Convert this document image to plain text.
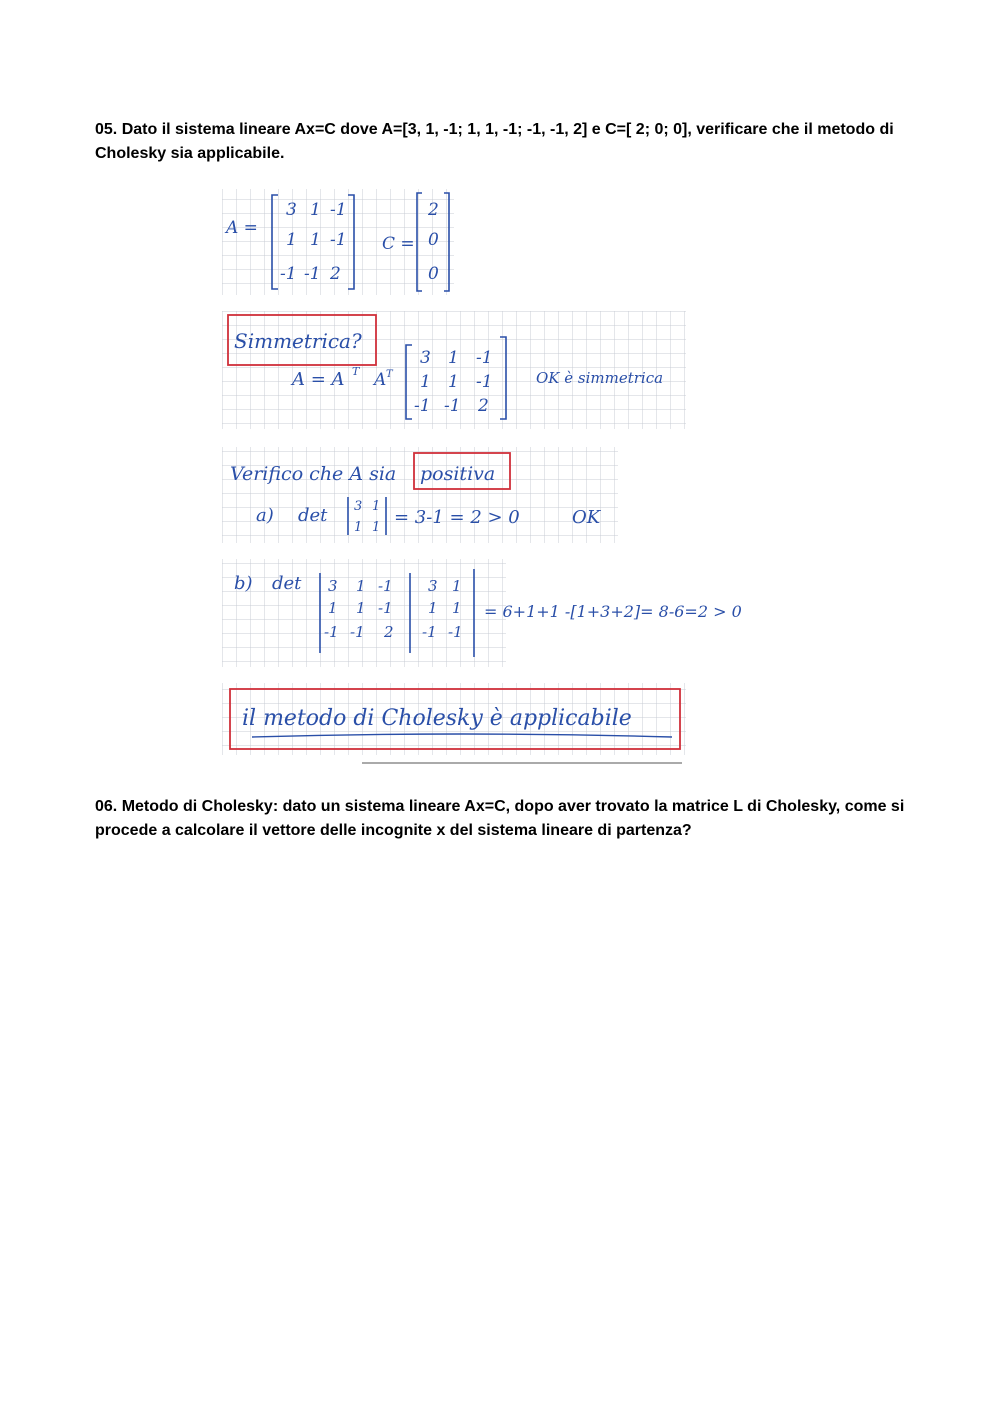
05. Dato il sistema lineare Ax=C dove A=[3, 1, -1; 1, 1, -1; -1, -1, 2] e C=[ 2; 0; 0], verificare che il metodo di Cholesky sia applicabile.
A =
3 1 -1
1 1 -1
-1 -1 2
C =
2
0
0
Simmetrica?
A = A T A T
3 1 -1
1 1 -1
-1 -1 2
OK è simmetrica
Verifico che A sia positiva
a) det 3 1
1 1 = 3-1 = 2 > 0	OK
b) det 3 1 -1
1 1 -1
-1 -1 2
3 1
1 1
-1 -1
= 6+1+1 -[1+3+2]= 8-6=2 > 0
il metodo di Cholesky è applicabile
06. Metodo di Cholesky: dato un sistema lineare Ax=C, dopo aver trovato la matrice L di Cholesky, come si procede a calcolare il vettore delle incognite x del sistema lineare di partenza?
